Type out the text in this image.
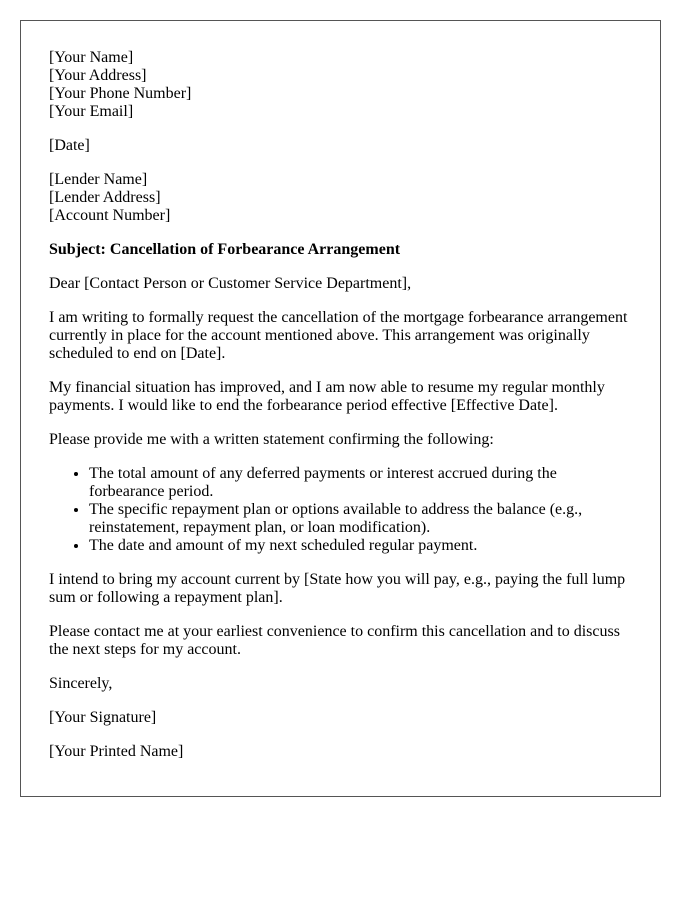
[Your Name]
[Your Address]
[Your Phone Number]
[Your Email]

[Date]

[Lender Name]
[Lender Address]
[Account Number]

Subject: Cancellation of Forbearance Arrangement

Dear [Contact Person or Customer Service Department],

I am writing to formally request the cancellation of the mortgage forbearance arrangement currently in place for the account mentioned above. This arrangement was originally scheduled to end on [Date].

My financial situation has improved, and I am now able to resume my regular monthly payments. I would like to end the forbearance period effective [Effective Date].

Please provide me with a written statement confirming the following:

• The total amount of any deferred payments or interest accrued during the forbearance period.
• The specific repayment plan or options available to address the balance (e.g., reinstatement, repayment plan, or loan modification).
• The date and amount of my next scheduled regular payment.

I intend to bring my account current by [State how you will pay, e.g., paying the full lump sum or following a repayment plan].

Please contact me at your earliest convenience to confirm this cancellation and to discuss the next steps for my account.

Sincerely,

[Your Signature]

[Your Printed Name]
